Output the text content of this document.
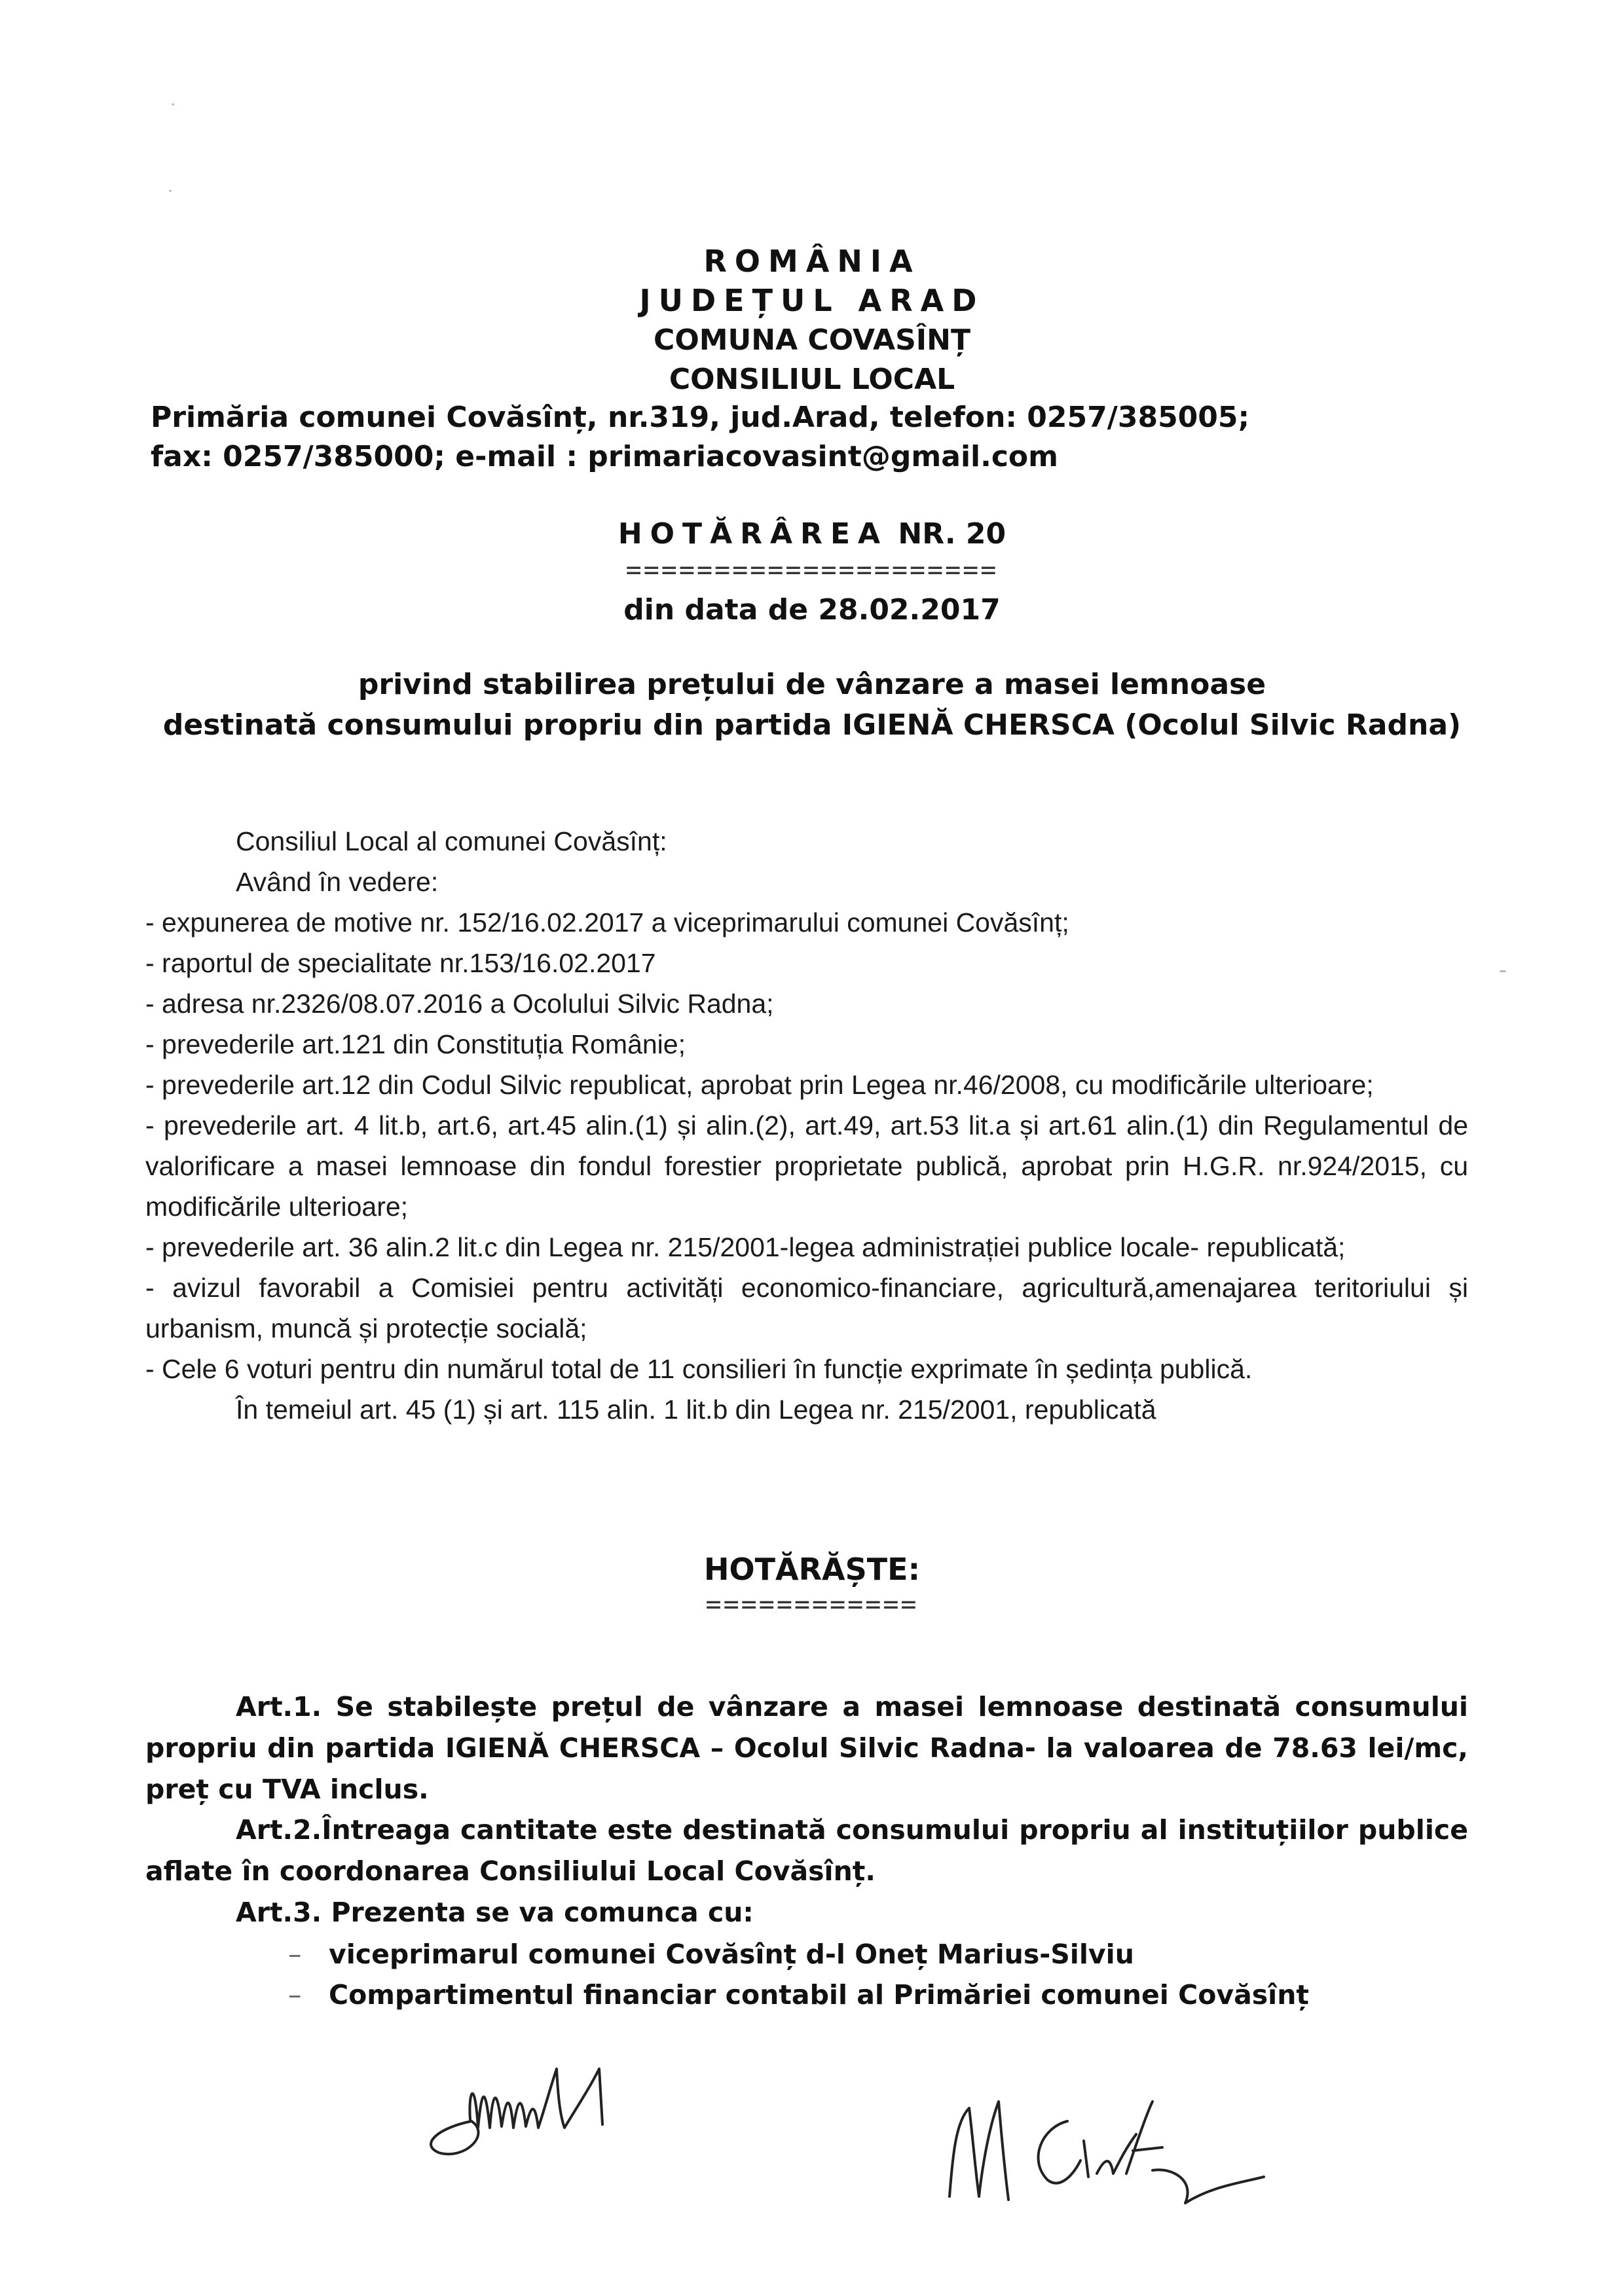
ROMÂNIA
JUDEȚUL ARAD
COMUNA COVASÎNȚ
CONSILIUL LOCAL
Primăria comunei Covăsînț, nr.319, jud.Arad, telefon: 0257/385005;
fax: 0257/385000; e-mail : primariacovasint@gmail.com
HOTĂRÂREA NR. 20
=====================
din data de 28.02.2017
privind stabilirea prețului de vânzare a masei lemnoase
destinată consumului propriu din partida IGIENĂ CHERSCA (Ocolul Silvic Radna)
Consiliul Local al comunei Covăsînț:
Având în vedere:
- expunerea de motive nr. 152/16.02.2017 a viceprimarului comunei Covăsînț;
- raportul de specialitate nr.153/16.02.2017
- adresa nr.2326/08.07.2016 a Ocolului Silvic Radna;
- prevederile art.121 din Constituția Româniе;
- prevederile art.12 din Codul Silvic republicat, aprobat prin Legea nr.46/2008, cu modificările ulterioare;
- prevederile art. 4 lit.b, art.6, art.45 alin.(1) și alin.(2), art.49, art.53 lit.a și art.61 alin.(1) din Regulamentul de valorificare a masei lemnoase din fondul forestier proprietate publică, aprobat prin H.G.R. nr.924/2015, cu modificările ulterioare;
- prevederile art. 36 alin.2 lit.c din Legea nr. 215/2001-legea administrației publice locale- republicată;
- avizul favorabil a Comisiei pentru activități economico-financiare, agricultură,amenajarea teritoriului și urbanism, muncă și protecție socială;
- Cele 6 voturi pentru din numărul total de 11 consilieri în funcție exprimate în ședința publică.
În temeiul art. 45 (1) și art. 115 alin. 1 lit.b din Legea nr. 215/2001, republicată
HOTĂRĂȘTE:
============
Art.1. Se stabilește prețul de vânzare a masei lemnoase destinată consumului propriu din partida IGIENĂ CHERSCA – Ocolul Silvic Radna- la valoarea de 78.63 lei/mc, preț cu TVA inclus.
Art.2.Întreaga cantitate este destinată consumului propriu al instituțiilor publice aflate în coordonarea Consiliului Local Covăsînț.
Art.3. Prezenta se va comunca cu:
– viceprimarul comunei Covăsînț d-l Oneț Marius-Silviu
– Compartimentul financiar contabil al Primăriei comunei Covăsînț
